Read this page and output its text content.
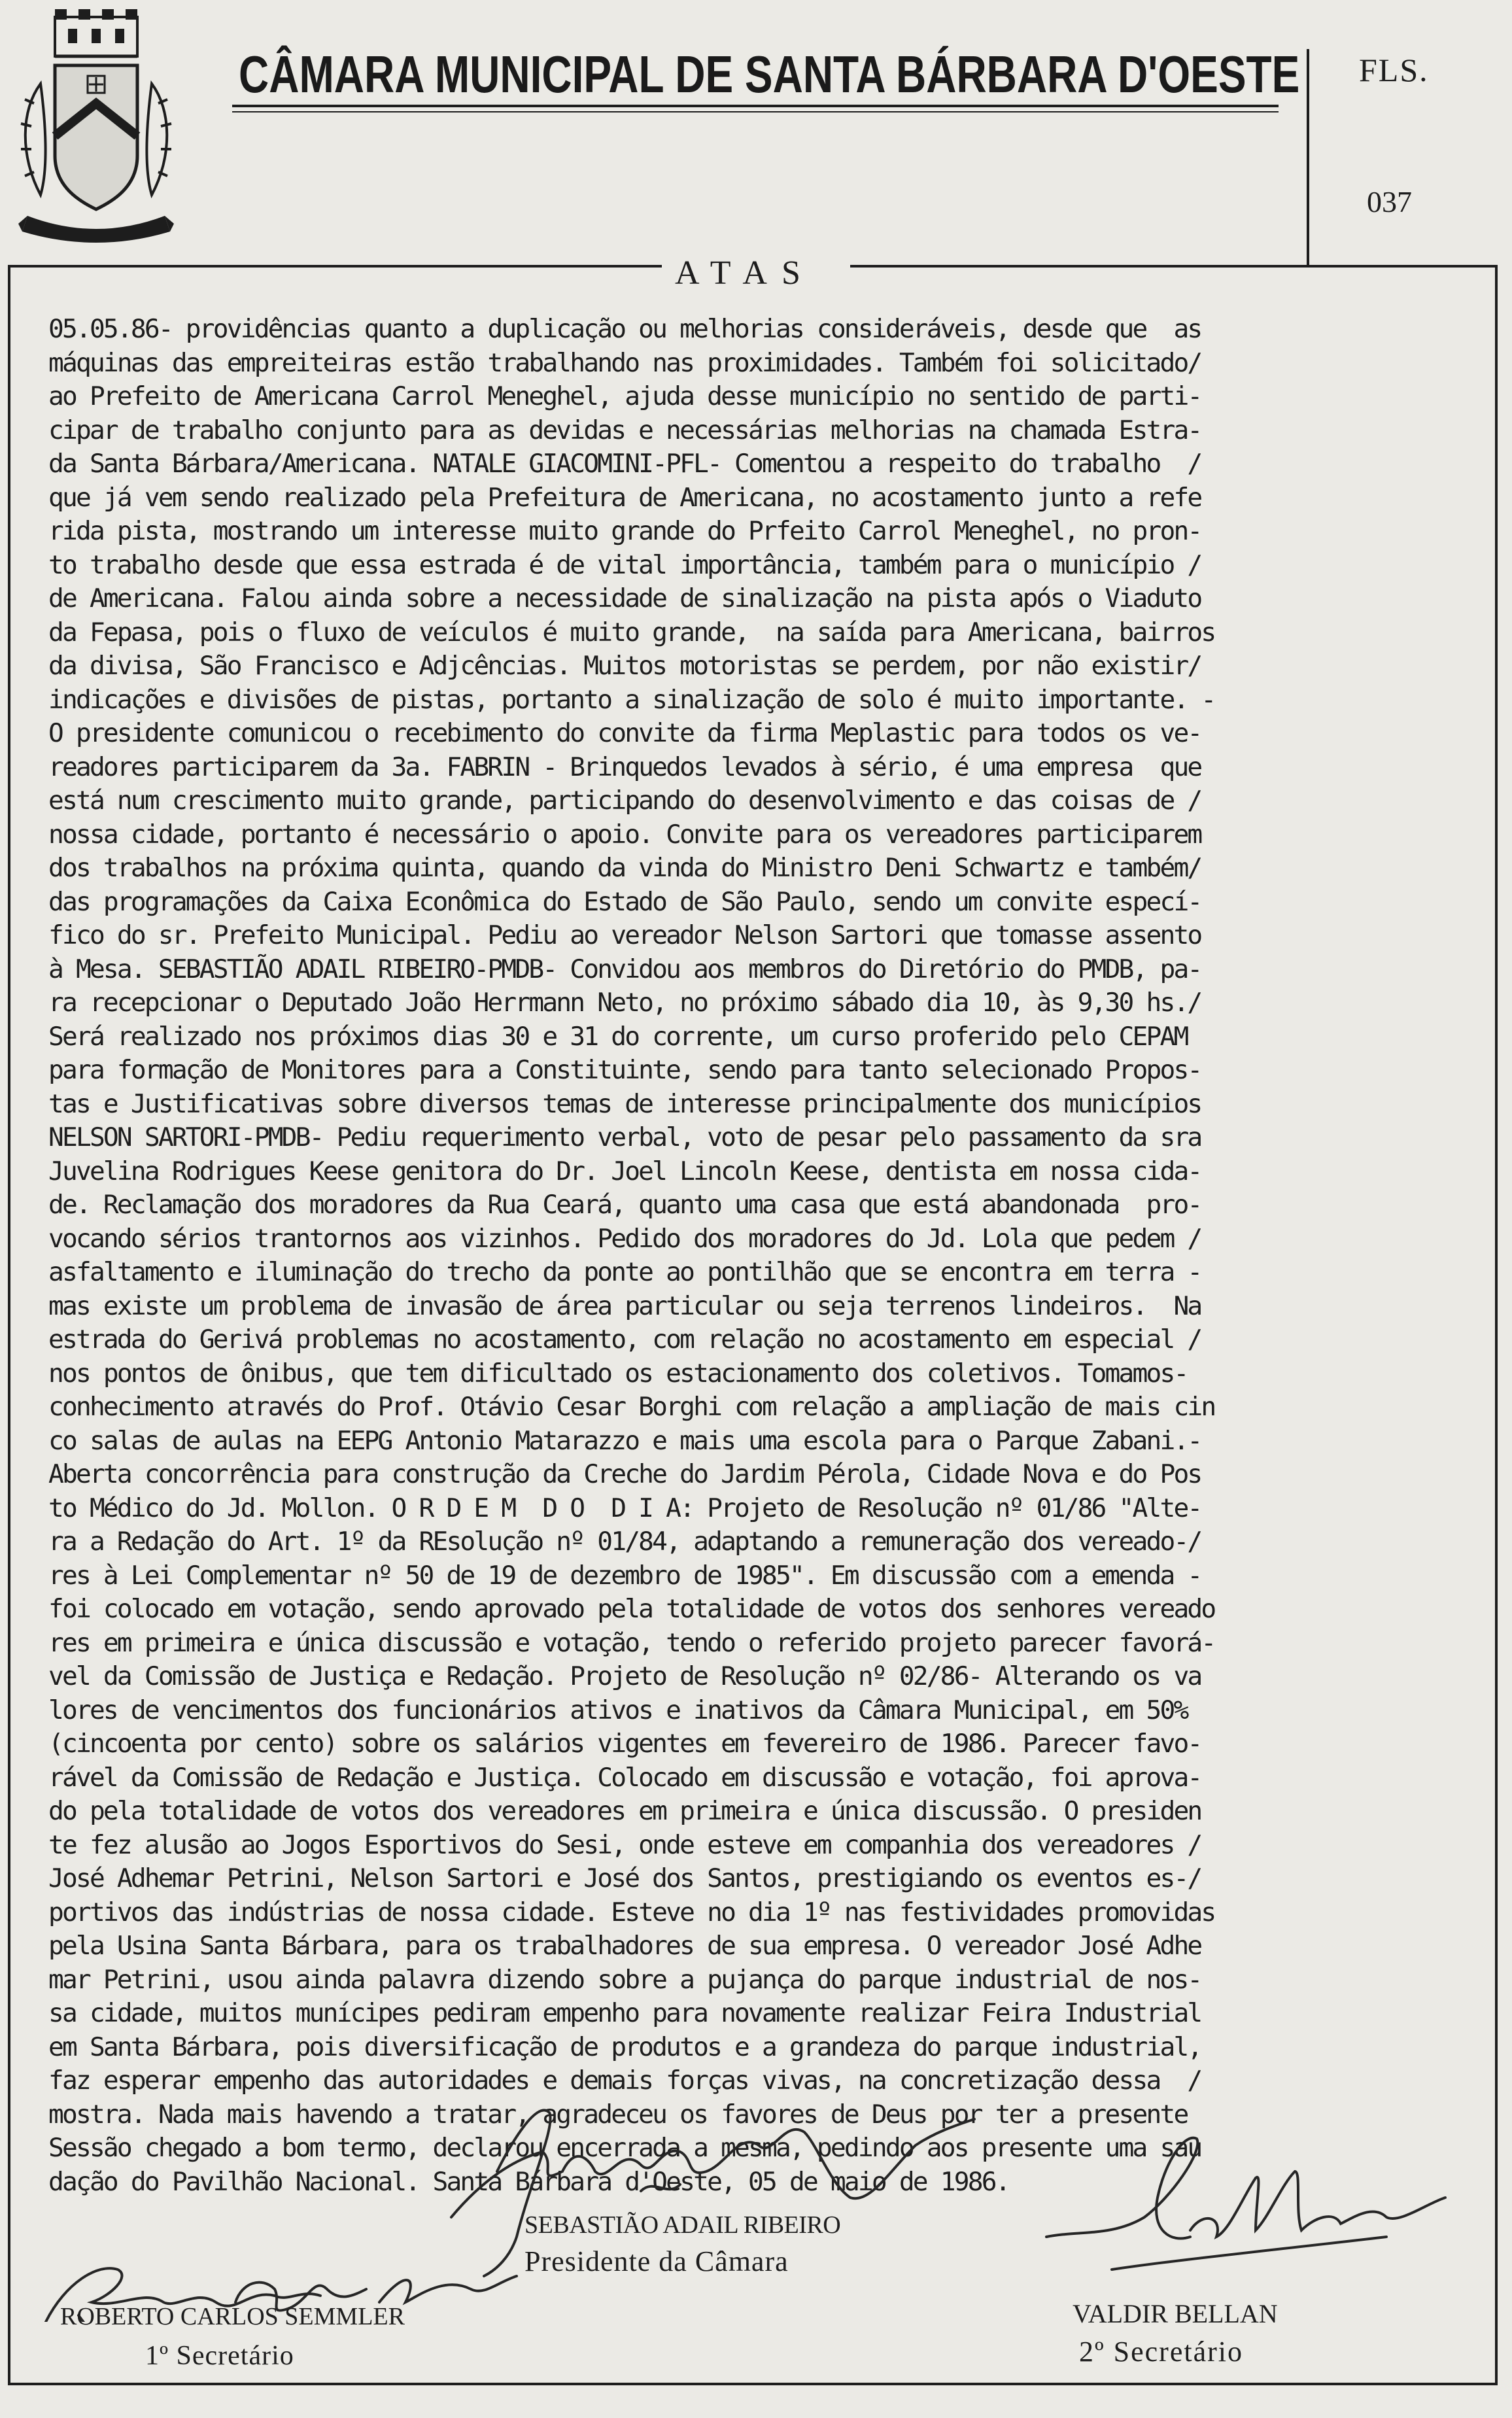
CÂMARA MUNICIPAL DE SANTA BÁRBARA D'OESTE FLS.
037
ATAS
05.05.86- providências quanto a duplicação ou melhorias consideráveis, desde que  as
máquinas das empreiteiras estão trabalhando nas proximidades. Também foi solicitado/
ao Prefeito de Americana Carrol Meneghel, ajuda desse município no sentido de parti-
cipar de trabalho conjunto para as devidas e necessárias melhorias na chamada Estra-
da Santa Bárbara/Americana. NATALE GIACOMINI-PFL- Comentou a respeito do trabalho  /
que já vem sendo realizado pela Prefeitura de Americana, no acostamento junto a refe
rida pista, mostrando um interesse muito grande do Prfeito Carrol Meneghel, no pron-
to trabalho desde que essa estrada é de vital importância, também para o município /
de Americana. Falou ainda sobre a necessidade de sinalização na pista após o Viaduto
da Fepasa, pois o fluxo de veículos é muito grande,  na saída para Americana, bairros
da divisa, São Francisco e Adjcências. Muitos motoristas se perdem, por não existir/
indicações e divisões de pistas, portanto a sinalização de solo é muito importante. -
O presidente comunicou o recebimento do convite da firma Meplastic para todos os ve-
readores participarem da 3a. FABRIN - Brinquedos levados à sério, é uma empresa  que
está num crescimento muito grande, participando do desenvolvimento e das coisas de /
nossa cidade, portanto é necessário o apoio. Convite para os vereadores participarem
dos trabalhos na próxima quinta, quando da vinda do Ministro Deni Schwartz e também/
das programações da Caixa Econômica do Estado de São Paulo, sendo um convite especí-
fico do sr. Prefeito Municipal. Pediu ao vereador Nelson Sartori que tomasse assento
à Mesa. SEBASTIÃO ADAIL RIBEIRO-PMDB- Convidou aos membros do Diretório do PMDB, pa-
ra recepcionar o Deputado João Herrmann Neto, no próximo sábado dia 10, às 9,30 hs./
Será realizado nos próximos dias 30 e 31 do corrente, um curso proferido pelo CEPAM
para formação de Monitores para a Constituinte, sendo para tanto selecionado Propos-
tas e Justificativas sobre diversos temas de interesse principalmente dos municípios
NELSON SARTORI-PMDB- Pediu requerimento verbal, voto de pesar pelo passamento da sra
Juvelina Rodrigues Keese genitora do Dr. Joel Lincoln Keese, dentista em nossa cida-
de. Reclamação dos moradores da Rua Ceará, quanto uma casa que está abandonada  pro-
vocando sérios trantornos aos vizinhos. Pedido dos moradores do Jd. Lola que pedem /
asfaltamento e iluminação do trecho da ponte ao pontilhão que se encontra em terra -
mas existe um problema de invasão de área particular ou seja terrenos lindeiros.  Na
estrada do Gerivá problemas no acostamento, com relação no acostamento em especial /
nos pontos de ônibus, que tem dificultado os estacionamento dos coletivos. Tomamos-
conhecimento através do Prof. Otávio Cesar Borghi com relação a ampliação de mais cin
co salas de aulas na EEPG Antonio Matarazzo e mais uma escola para o Parque Zabani.-
Aberta concorrência para construção da Creche do Jardim Pérola, Cidade Nova e do Pos
to Médico do Jd. Mollon. O R D E M  D O  D I A: Projeto de Resolução nº 01/86 "Alte-
ra a Redação do Art. 1º da REsolução nº 01/84, adaptando a remuneração dos vereado-/
res à Lei Complementar nº 50 de 19 de dezembro de 1985". Em discussão com a emenda -
foi colocado em votação, sendo aprovado pela totalidade de votos dos senhores vereado
res em primeira e única discussão e votação, tendo o referido projeto parecer favorá-
vel da Comissão de Justiça e Redação. Projeto de Resolução nº 02/86- Alterando os va
lores de vencimentos dos funcionários ativos e inativos da Câmara Municipal, em 50%
(cincoenta por cento) sobre os salários vigentes em fevereiro de 1986. Parecer favo-
rável da Comissão de Redação e Justiça. Colocado em discussão e votação, foi aprova-
do pela totalidade de votos dos vereadores em primeira e única discussão. O presiden
te fez alusão ao Jogos Esportivos do Sesi, onde esteve em companhia dos vereadores /
José Adhemar Petrini, Nelson Sartori e José dos Santos, prestigiando os eventos es-/
portivos das indústrias de nossa cidade. Esteve no dia 1º nas festividades promovidas
pela Usina Santa Bárbara, para os trabalhadores de sua empresa. O vereador José Adhe
mar Petrini, usou ainda palavra dizendo sobre a pujança do parque industrial de nos-
sa cidade, muitos munícipes pediram empenho para novamente realizar Feira Industrial
em Santa Bárbara, pois diversificação de produtos e a grandeza do parque industrial,
faz esperar empenho das autoridades e demais forças vivas, na concretização dessa  /
mostra. Nada mais havendo a tratar, agradeceu os favores de Deus por ter a presente
Sessão chegado a bom termo, declarou encerrada a mesma, pedindo aos presente uma sau
dação do Pavilhão Nacional. Santa Bárbara d'Oeste, 05 de maio de 1986.
SEBASTIÃO ADAIL RIBEIRO
Presidente da Câmara
ROBERTO CARLOS SEMMLER
1º Secretário
VALDIR BELLAN
2º Secretário
